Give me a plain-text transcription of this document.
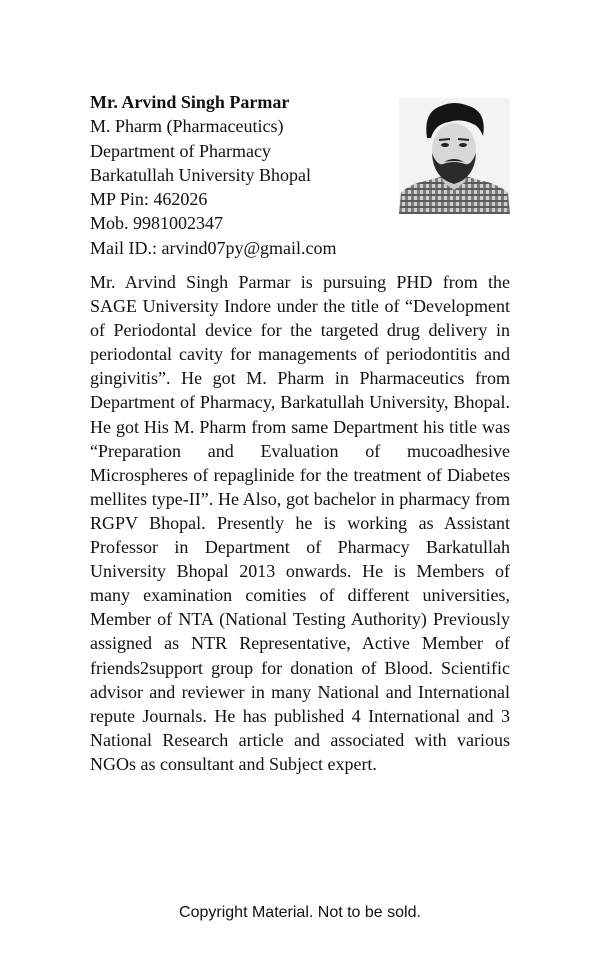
Mr. Arvind Singh Parmar
M. Pharm (Pharmaceutics)
Department of Pharmacy
Barkatullah University Bhopal
MP Pin: 462026
Mob. 9981002347
Mail ID.: arvind07py@gmail.com

Mr. Arvind Singh Parmar is pursuing PHD from the SAGE University Indore under the title of “Development of Periodontal device for the targeted drug delivery in periodontal cavity for managements of periodontitis and gingivitis”. He got M. Pharm in Pharmaceutics from Department of Pharmacy, Barkatullah University, Bhopal. He got His M. Pharm from same Department his title was “Preparation and Evaluation of mucoadhesive Microspheres of repaglinide for the treatment of Diabetes mellites type-II”. He Also, got bachelor in pharmacy from RGPV Bhopal. Presently he is working as Assistant Professor in Department of Pharmacy Barkatullah University Bhopal 2013 onwards. He is Members of many examination comities of different universities, Member of NTA (National Testing Authority) Previously assigned as NTR Representative, Active Member of friends2support group for donation of Blood. Scientific advisor and reviewer in many National and International repute Journals. He has published 4 International and 3 National Research article and associated with various NGOs as consultant and Subject expert.

Copyright Material. Not to be sold.
